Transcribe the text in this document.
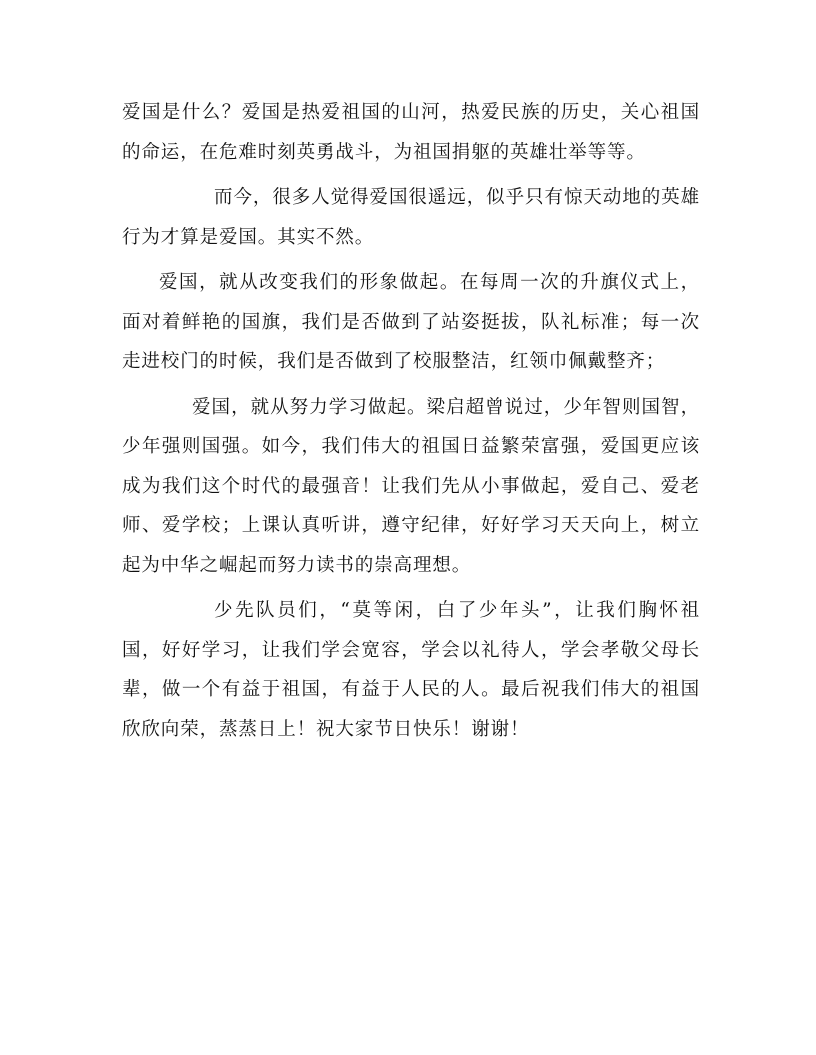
爱国是什么？爱国是热爱祖国的山河，热爱民族的历史，关心祖国的命运，在危难时刻英勇战斗，为祖国捐躯的英雄壮举等等。

而今，很多人觉得爱国很遥远，似乎只有惊天动地的英雄行为才算是爱国。其实不然。

爱国，就从改变我们的形象做起。在每周一次的升旗仪式上，面对着鲜艳的国旗，我们是否做到了站姿挺拔，队礼标准；每一次走进校门的时候，我们是否做到了校服整洁，红领巾佩戴整齐；

爱国，就从努力学习做起。梁启超曾说过，少年智则国智，少年强则国强。如今，我们伟大的祖国日益繁荣富强，爱国更应该成为我们这个时代的最强音！让我们先从小事做起，爱自己、爱老师、爱学校；上课认真听讲，遵守纪律，好好学习天天向上，树立起为中华之崛起而努力读书的崇高理想。

少先队员们，“莫等闲，白了少年头”，让我们胸怀祖国，好好学习，让我们学会宽容，学会以礼待人，学会孝敬父母长辈，做一个有益于祖国，有益于人民的人。最后祝我们伟大的祖国欣欣向荣，蒸蒸日上！祝大家节日快乐！谢谢！
